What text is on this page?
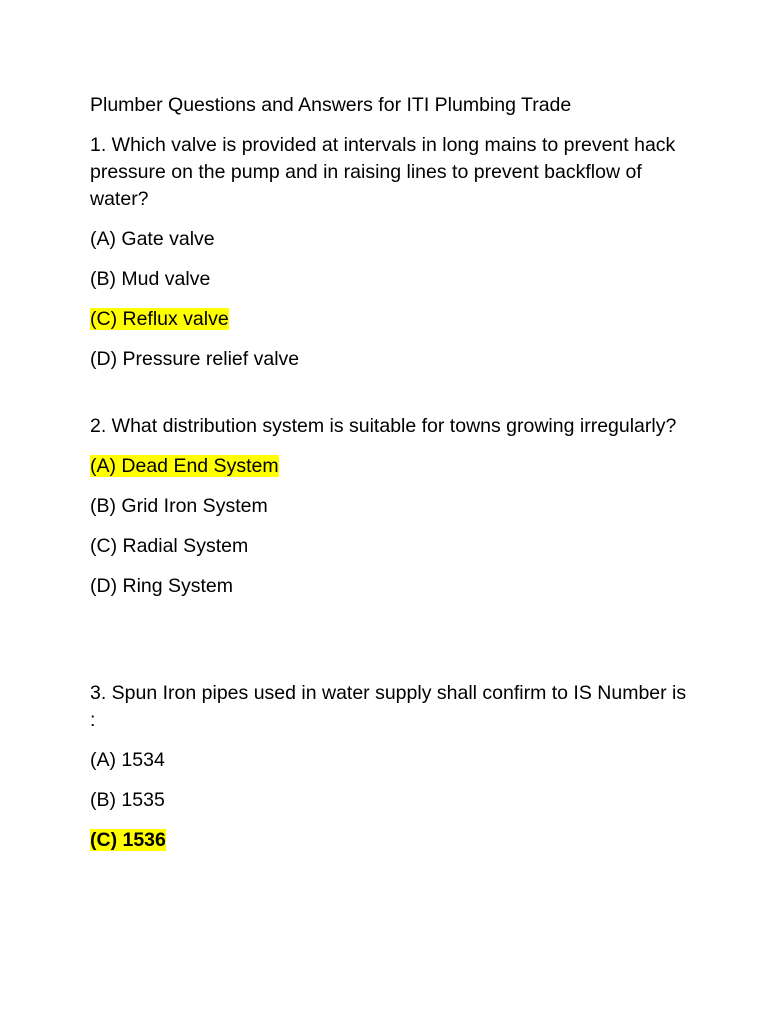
Plumber Questions and Answers for ITI Plumbing Trade

1. Which valve is provided at intervals in long mains to prevent hack pressure on the pump and in raising lines to prevent backflow of water?

(A) Gate valve

(B) Mud valve

(C) Reflux valve

(D) Pressure relief valve

2. What distribution system is suitable for towns growing irregularly?

(A) Dead End System

(B) Grid Iron System

(C) Radial System

(D) Ring System

3. Spun Iron pipes used in water supply shall confirm to IS Number is :

(A) 1534

(B) 1535

(C) 1536
